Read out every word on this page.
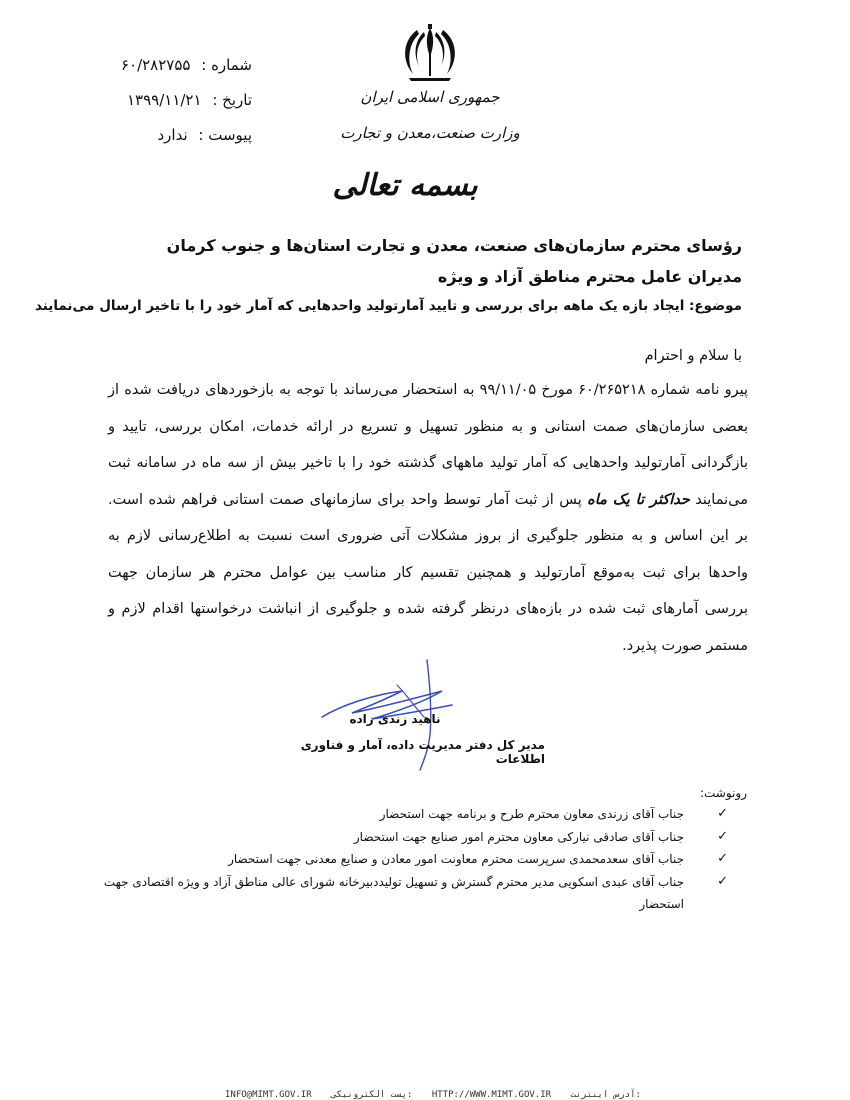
شماره : ۶۰/۲۸۲۷۵۵
تاریخ : ۱۳۹۹/۱۱/۲۱
پیوست : ندارد
جمهوری اسلامی ایران
وزارت صنعت،معدن و تجارت
بسمه تعالی
رؤسای محترم سازمان‌های صنعت، معدن و تجارت استان‌ها و جنوب کرمان
مدیران عامل محترم مناطق آزاد و ویژه
موضوع: ایجاد بازه یک ماهه برای بررسی و تایید آمارتولید واحدهایی که آمار خود را با تاخیر ارسال می‌نمایند
با سلام و احترام
پیرو نامه شماره ۶۰/۲۶۵۲۱۸ مورخ ۹۹/۱۱/۰۵ به استحضار می‌رساند با توجه به بازخوردهای دریافت شده از بعضی سازمان‌های صمت استانی و به منظور تسهیل و تسریع در ارائه خدمات، امکان بررسی، تایید و بازگردانی آمارتولید واحدهایی که آمار تولید ماههای گذشته خود را با تاخیر بیش از سه ماه در سامانه ثبت می‌نمایند حداکثر تا یک ماه پس از ثبت آمار توسط واحد برای سازمانهای صمت استانی فراهم شده است. بر این اساس و به منظور جلوگیری از بروز مشکلات آتی ضروری است نسبت به اطلاع‌رسانی لازم به واحدها برای ثبت به‌موقع آمارتولید و همچنین تقسیم کار مناسب بین عوامل محترم هر سازمان جهت بررسی آمارهای ثبت شده در بازه‌های درنظر گرفته شده و جلوگیری از انباشت درخواستها اقدام لازم و مستمر صورت پذیرد.
ناهید زندی زاده
مدیر کل دفتر مدیریت داده، آمار و فناوری اطلاعات
رونوشت:
✓
جناب آقای زرندی معاون محترم طرح و برنامه جهت استحضار
✓
جناب آقای صادقی نیارکی معاون محترم امور صنایع جهت استحضار
✓
جناب آقای سعدمحمدی سرپرست محترم معاونت امور معادن و صنایع معدنی جهت استحضار
✓
جناب آقای عبدی اسکویی مدیر محترم گسترش و تسهیل تولیددبیرخانه شورای عالی مناطق آزاد و ویژه اقتصادی جهت استحضار
INFO@MIMT.GOV.IR پست الکترونیکی: HTTP://WWW.MIMT.GOV.IR آدرس اینترنت:
